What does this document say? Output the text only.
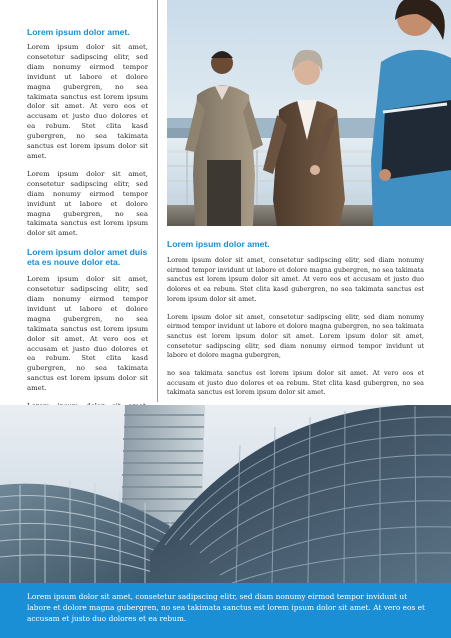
Lorem ipsum dolor amet.

Lorem ipsum dolor sit amet, consetetur sadipscing elitr, sed diam nonumy eirmod tempor invidunt ut labore et dolore magna gubergren, no sea takimata sanctus est lorem ipsum dolor sit amet. At vero eos et accusam et justo duo dolores et ea rebum. Stet clita kasd gubergren, no sea takimata sanctus est lorem ipsum dolor sit amet.

Lorem ipsum dolor sit amet, consetetur sadipscing elitr, sed diam nonumy eirmod tempor invidunt ut labore et dolore magna gubergren, no sea takimata sanctus est lorem ipsum dolor sit amet.

Lorem ipsum dolor amet duis eta es nouve dolor eta.

Lorem ipsum dolor sit amet, consetetur sadipscing elitr, sed diam nonumy eirmod tempor invidunt ut labore et dolore magna gubergren, no sea takimata sanctus est lorem ipsum dolor sit amet. At vero eos et accusam et justo duo dolores et ea rebum. Stet clita kasd gubergren, no sea takimata sanctus est lorem ipsum dolor sit amet.

Lorem ipsum dolor amet.

Lorem ipsum dolor sit amet, consetetur sadipscing elitr, sed diam nonumy eirmod tempor invidunt ut labore et dolore magna gubergren, no sea takimata sanctus est lorem ipsum dolor sit amet. At vero eos et accusam et justo duo dolores et ea rebum. Stet clita kasd gubergren, no sea takimata sanctus est lorem ipsum dolor sit amet.

Lorem ipsum dolor sit amet, consetetur sadipscing elitr, sed diam nonumy eirmod tempor invidunt ut labore et dolore magna gubergren, no sea takimata sanctus est lorem ipsum dolor sit amet. Lorem ipsum dolor sit amet, consetetur sadipscing elitr, sed diam nonumy eirmod tempor invidunt ut labore et dolore magna gubergren,

no sea takimata sanctus est lorem ipsum dolor sit amet. At vero eos et accusam et justo duo dolores et ea rebum. Stet clita kasd gubergren, no sea takimata sanctus est lorem ipsum dolor sit amet.

Lorem ipsum dolor sit amet, consetetur sadipscing elitr, sed diam nonumy eirmod tempor invidunt ut labore et dolore magna gubergren, no sea takimata sanctus est lorem ipsum dolor sit amet. At vero eos et accusam et justo duo dolores et ea rebum.
